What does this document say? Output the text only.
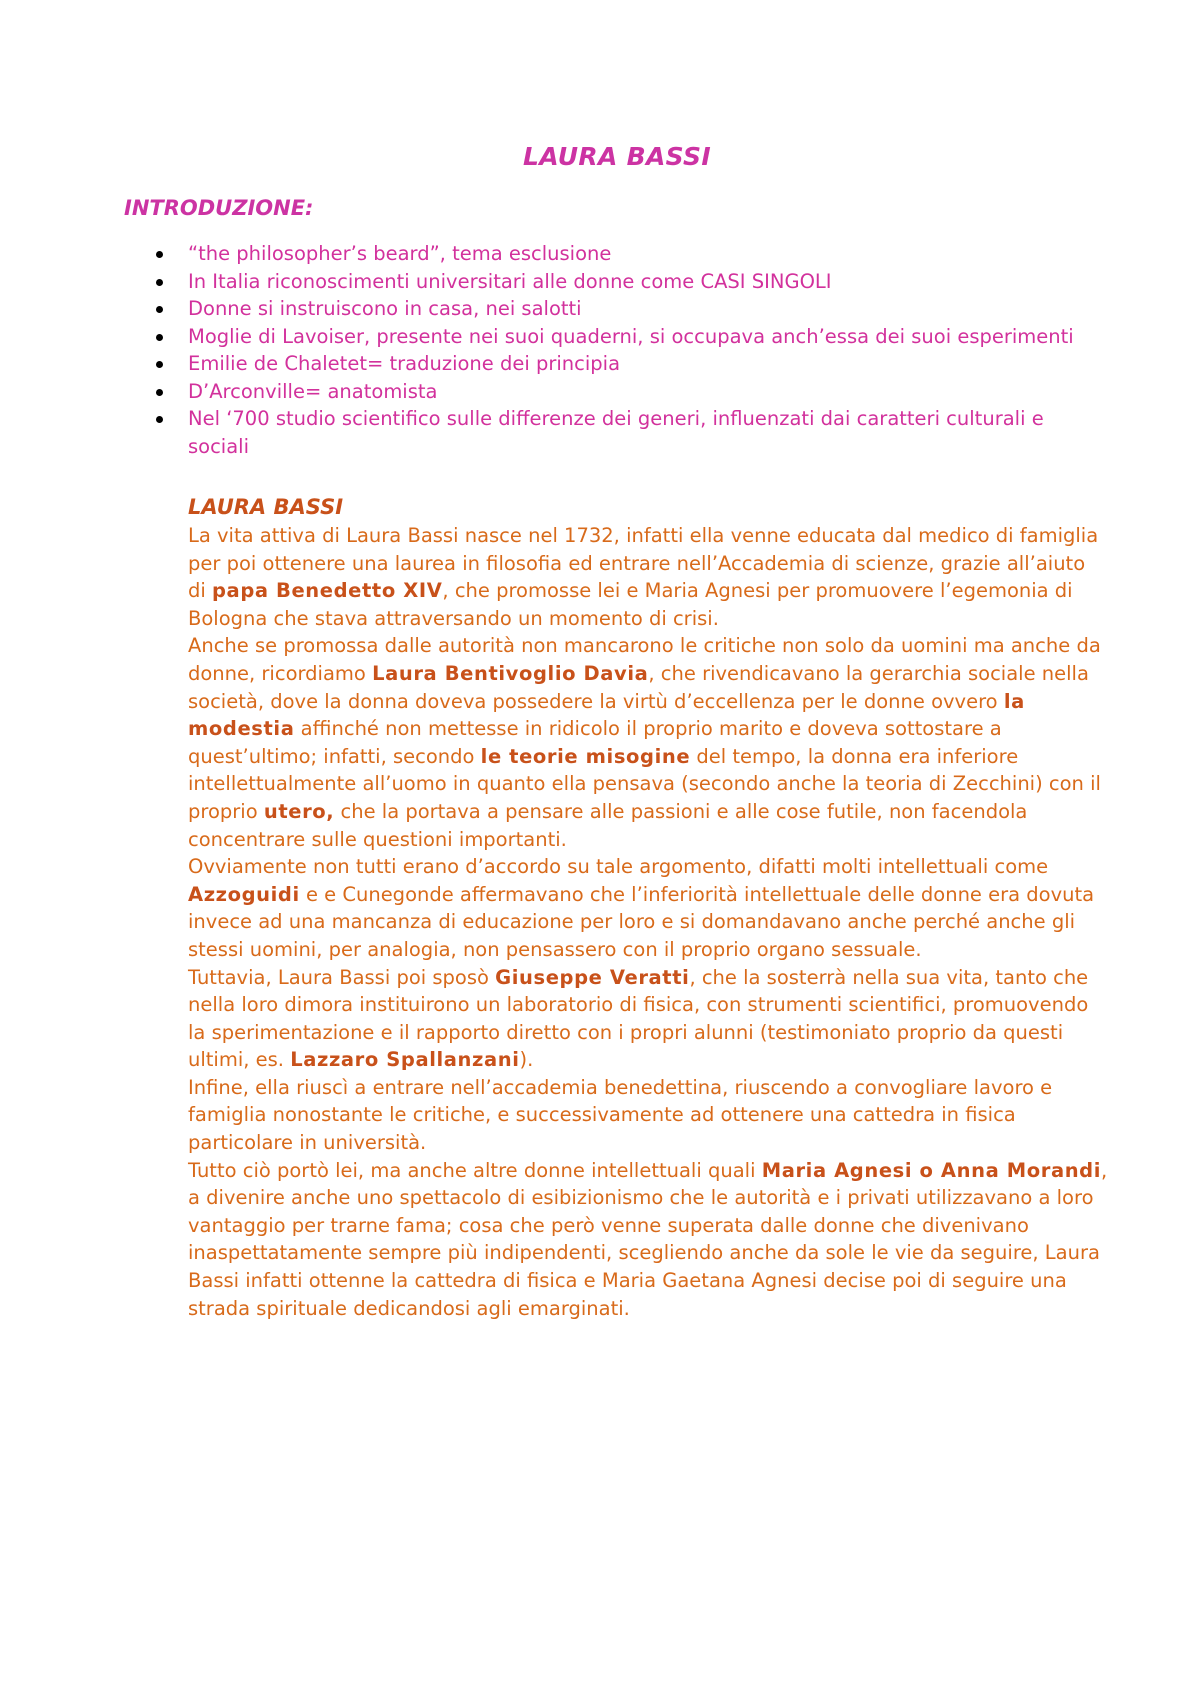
LAURA BASSI
INTRODUZIONE:
“the philosopher’s beard”, tema esclusione
In Italia riconoscimenti universitari alle donne come CASI SINGOLI
Donne si instruiscono in casa, nei salotti
Moglie di Lavoiser, presente nei suoi quaderni, si occupava anch’essa dei suoi esperimenti
Emilie de Chaletet= traduzione dei principia
D’Arconville= anatomista
Nel ‘700 studio scientifico sulle differenze dei generi, influenzati dai caratteri culturali e sociali
LAURA BASSI

La vita attiva di Laura Bassi nasce nel 1732, infatti ella venne educata dal medico di famiglia per poi ottenere una laurea in filosofia ed entrare nell’Accademia di scienze, grazie all’aiuto di papa Benedetto XIV, che promosse lei e Maria Agnesi per promuovere l’egemonia di Bologna che stava attraversando un momento di crisi.

Anche se promossa dalle autorità non mancarono le critiche non solo da uomini ma anche da donne, ricordiamo Laura Bentivoglio Davia, che rivendicavano la gerarchia sociale nella società, dove la donna doveva possedere la virtù d’eccellenza per le donne ovvero la modestia affinché non mettesse in ridicolo il proprio marito e doveva sottostare a quest’ultimo; infatti, secondo le teorie misogine del tempo, la donna era inferiore intellettualmente all’uomo in quanto ella pensava (secondo anche la teoria di Zecchini) con il proprio utero, che la portava a pensare alle passioni e alle cose futile, non facendola concentrare sulle questioni importanti.

Ovviamente non tutti erano d’accordo su tale argomento, difatti molti intellettuali come Azzoguidi e e Cunegonde affermavano che l’inferiorità intellettuale delle donne era dovuta invece ad una mancanza di educazione per loro e si domandavano anche perché anche gli stessi uomini, per analogia, non pensassero con il proprio organo sessuale.

Tuttavia, Laura Bassi poi sposò Giuseppe Veratti, che la sosterrà nella sua vita, tanto che nella loro dimora instituirono un laboratorio di fisica, con strumenti scientifici, promuovendo la sperimentazione e il rapporto diretto con i propri alunni (testimoniato proprio da questi ultimi, es. Lazzaro Spallanzani).

Infine, ella riuscì a entrare nell’accademia benedettina, riuscendo a convogliare lavoro e famiglia nonostante le critiche, e successivamente ad ottenere una cattedra in fisica particolare in università.

Tutto ciò portò lei, ma anche altre donne intellettuali quali Maria Agnesi o Anna Morandi, a divenire anche uno spettacolo di esibizionismo che le autorità e i privati utilizzavano a loro vantaggio per trarne fama; cosa che però venne superata dalle donne che divenivano inaspettatamente sempre più indipendenti, scegliendo anche da sole le vie da seguire, Laura Bassi infatti ottenne la cattedra di fisica e Maria Gaetana Agnesi decise poi di seguire una strada spirituale dedicandosi agli emarginati.
